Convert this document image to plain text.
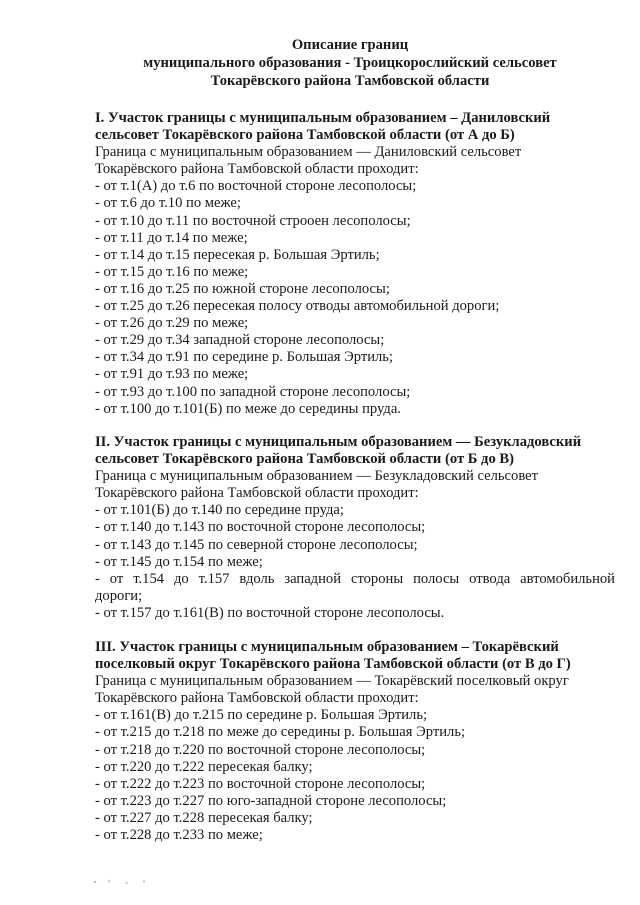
Описание границ
муниципального образования - Троицкорослийский сельсовет
Токарёвского района Тамбовской области
I. Участок границы с муниципальным образованием – Даниловский
сельсовет Токарёвского района Тамбовской области (от А до Б)
Граница с муниципальным образованием — Даниловский сельсовет
Токарёвского района Тамбовской области проходит:
- от т.1(А) до т.6 по восточной стороне лесополосы;
- от т.6 до т.10 по меже;
- от т.10 до т.11 по восточной строоен лесополосы;
- от т.11 до т.14 по меже;
- от т.14 до т.15 пересекая р. Большая Эртиль;
- от т.15 до т.16 по меже;
- от т.16 до т.25 по южной стороне лесополосы;
- от т.25 до т.26 пересекая полосу отводы автомобильной дороги;
- от т.26 до т.29 по меже;
- от т.29 до т.34 западной стороне лесополосы;
- от т.34 до т.91 по середине р. Большая Эртиль;
- от т.91 до т.93 по меже;
- от т.93 до т.100 по западной стороне лесополосы;
- от т.100 до т.101(Б) по меже до середины пруда.
II. Участок границы с муниципальным образованием — Безукладовский
сельсовет Токарёвского района Тамбовской области (от Б до В)
Граница с муниципальным образованием — Безукладовский сельсовет
Токарёвского района Тамбовской области проходит:
- от т.101(Б) до т.140 по середине пруда;
- от т.140 до т.143 по восточной стороне лесополосы;
- от т.143 до т.145 по северной стороне лесополосы;
- от т.145 до т.154 по меже;
- от т.154 до т.157 вдоль западной стороны полосы отвода автомобильной
дороги;
- от т.157 до т.161(В) по восточной стороне лесополосы.
III. Участок границы с муниципальным образованием – Токарёвский
поселковый округ Токарёвского района Тамбовской области (от В до Г)
Граница с муниципальным образованием — Токарёвский поселковый округ
Токарёвского района Тамбовской области проходит:
- от т.161(В) до т.215 по середине р. Большая Эртиль;
- от т.215 до т.218 по меже до середины р. Большая Эртиль;
- от т.218 до т.220 по восточной стороне лесополосы;
- от т.220 до т.222 пересекая балку;
- от т.222 до т.223 по восточной стороне лесополосы;
- от т.223 до т.227 по юго-западной стороне лесополосы;
- от т.227 до т.228 пересекая балку;
- от т.228 до т.233 по меже;
